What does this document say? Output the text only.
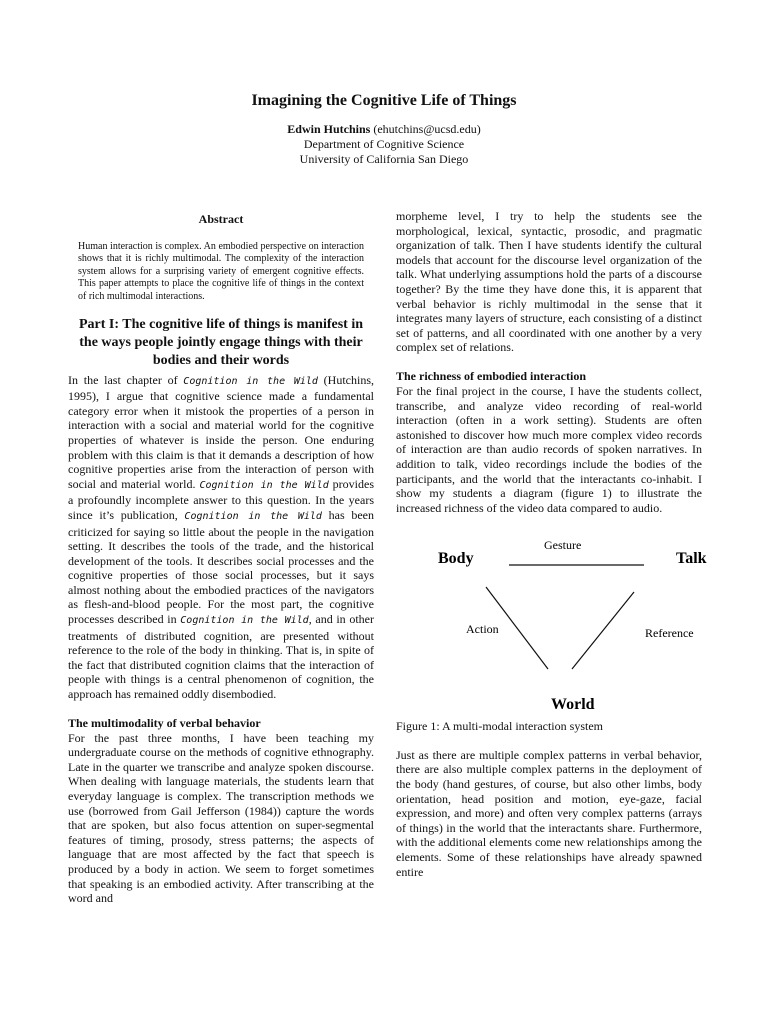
Imagining the Cognitive Life of Things
Edwin Hutchins (ehutchins@ucsd.edu)
Department of Cognitive Science
University of California San Diego
Abstract

Human interaction is complex. An embodied perspective on interaction shows that it is richly multimodal. The complexity of the interaction system allows for a surprising variety of emergent cognitive effects. This paper attempts to place the cognitive life of things in the context of rich multimodal interactions.

Part I: The cognitive life of things is manifest in the ways people jointly engage things with their bodies and their words

In the last chapter of Cognition in the Wild (Hutchins, 1995), I argue that cognitive science made a fundamental category error when it mistook the properties of a person in interaction with a social and material world for the cognitive properties of whatever is inside the person. One enduring problem with this claim is that it demands a description of how cognitive properties arise from the interaction of person with social and material world. Cognition in the Wild provides a profoundly incomplete answer to this question. In the years since it’s publication, Cognition in the Wild has been criticized for saying so little about the people in the navigation setting. It describes the tools of the trade, and the historical development of the tools. It describes social processes and the cognitive properties of those social processes, but it says almost nothing about the embodied practices of the navigators as flesh-and-blood people. For the most part, the cognitive processes described in Cognition in the Wild, and in other treatments of distributed cognition, are presented without reference to the role of the body in thinking. That is, in spite of the fact that distributed cognition claims that the interaction of people with things is a central phenomenon of cognition, the approach has remained oddly disembodied.

The multimodality of verbal behavior

For the past three months, I have been teaching my undergraduate course on the methods of cognitive ethnography. Late in the quarter we transcribe and analyze spoken discourse. When dealing with language materials, the students learn that everyday language is complex. The transcription methods we use (borrowed from Gail Jefferson (1984)) capture the words that are spoken, but also focus attention on super-segmental features of timing, prosody, stress patterns; the aspects of language that are most affected by the fact that speech is produced by a body in action. We seem to forget sometimes that speaking is an embodied activity. After transcribing at the word and

morpheme level, I try to help the students see the morphological, lexical, syntactic, prosodic, and pragmatic organization of talk. Then I have students identify the cultural models that account for the discourse level organization of the talk. What underlying assumptions hold the parts of a discourse together? By the time they have done this, it is apparent that verbal behavior is richly multimodal in the sense that it integrates many layers of structure, each consisting of a distinct set of patterns, and all coordinated with one another by a very complex set of relations.

The richness of embodied interaction

For the final project in the course, I have the students collect, transcribe, and analyze video recording of real-world interaction (often in a work setting). Students are often astonished to discover how much more complex video records of interaction are than audio records of spoken narratives. In addition to talk, video recordings include the bodies of the participants, and the world that the interactants co-inhabit. I show my students a diagram (figure 1) to illustrate the increased richness of the video data compared to audio.

Body	Talk
World
Gesture
Action	Reference
Figure 1: A multi-modal interaction system

Just as there are multiple complex patterns in verbal behavior, there are also multiple complex patterns in the deployment of the body (hand gestures, of course, but also other limbs, body orientation, head position and motion, eye-gaze, facial expression, and more) and often very complex patterns (arrays of things) in the world that the interactants share. Furthermore, with the additional elements come new relationships among the elements. Some of these relationships have already spawned entire
